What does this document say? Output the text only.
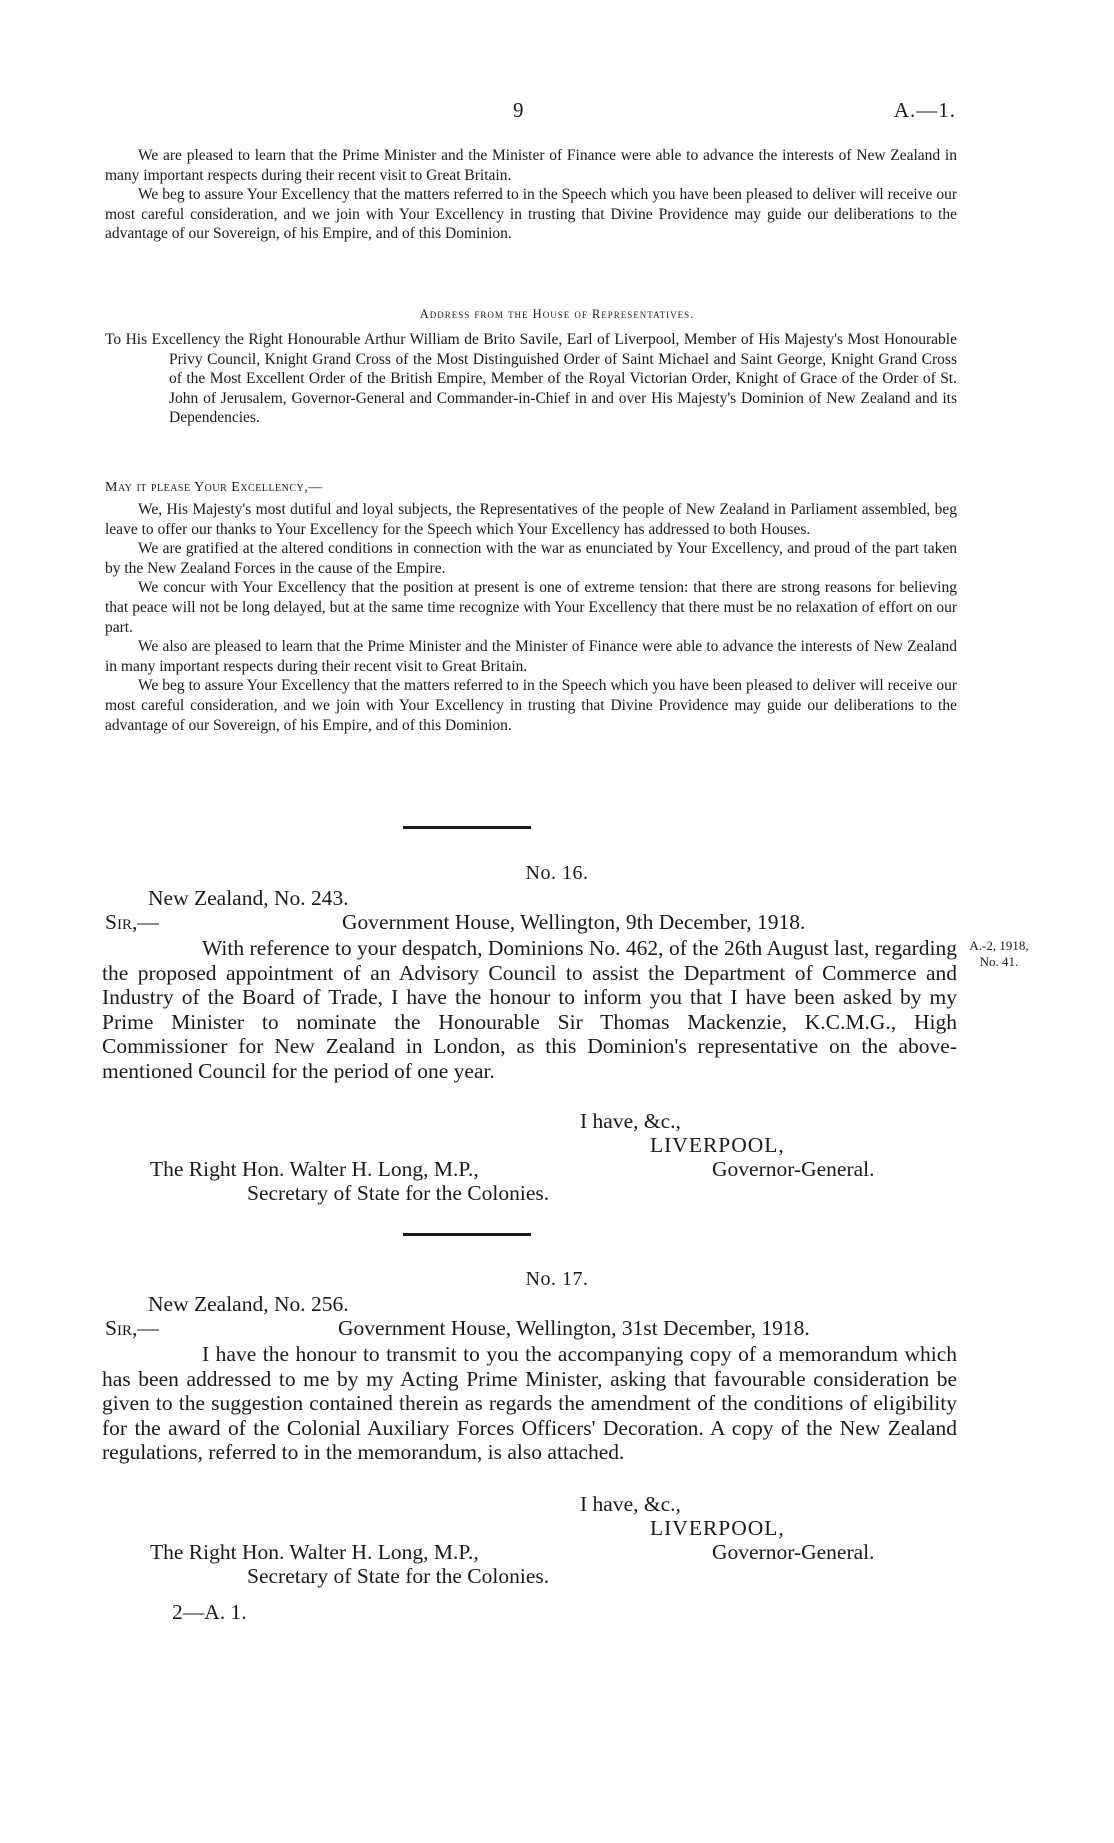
9	A.—1.

We are pleased to learn that the Prime Minister and the Minister of Finance were able to advance the interests of New Zealand in many important respects during their recent visit to Great Britain.

We beg to assure Your Excellency that the matters referred to in the Speech which you have been pleased to deliver will receive our most careful consideration, and we join with Your Excellency in trusting that Divine Providence may guide our deliberations to the advantage of our Sovereign, of his Empire, and of this Dominion.

Address from the House of Representatives.

To His Excellency the Right Honourable Arthur William de Brito Savile, Earl of Liverpool, Member of His Majesty's Most Honourable Privy Council, Knight Grand Cross of the Most Distinguished Order of Saint Michael and Saint George, Knight Grand Cross of the Most Excellent Order of the British Empire, Member of the Royal Victorian Order, Knight of Grace of the Order of St. John of Jerusalem, Governor-General and Commander-in-Chief in and over His Majesty's Dominion of New Zealand and its Dependencies.

May it please Your Excellency,—

We, His Majesty's most dutiful and loyal subjects, the Representatives of the people of New Zealand in Parliament assembled, beg leave to offer our thanks to Your Excellency for the Speech which Your Excellency has addressed to both Houses.

We are gratified at the altered conditions in connection with the war as enunciated by Your Excellency, and proud of the part taken by the New Zealand Forces in the cause of the Empire.

We concur with Your Excellency that the position at present is one of extreme tension: that there are strong reasons for believing that peace will not be long delayed, but at the same time recognize with Your Excellency that there must be no relaxation of effort on our part.

We also are pleased to learn that the Prime Minister and the Minister of Finance were able to advance the interests of New Zealand in many important respects during their recent visit to Great Britain.

We beg to assure Your Excellency that the matters referred to in the Speech which you have been pleased to deliver will receive our most careful consideration, and we join with Your Excellency in trusting that Divine Providence may guide our deliberations to the advantage of our Sovereign, of his Empire, and of this Dominion.

No. 16.
New Zealand, No. 243.
Sir,—	Government House, Wellington, 9th December, 1918.

With reference to your despatch, Dominions No. 462, of the 26th August last, regarding the proposed appointment of an Advisory Council to assist the Department of Commerce and Industry of the Board of Trade, I have the honour to inform you that I have been asked by my Prime Minister to nominate the Honourable Sir Thomas Mackenzie, K.C.M.G., High Commissioner for New Zealand in London, as this Dominion's representative on the above-mentioned Council for the period of one year.

A.-2, 1918,
No. 41.
I have, &c.,
LIVERPOOL,
The Right Hon. Walter H. Long, M.P.,	Governor-General.
Secretary of State for the Colonies.
No. 17.
New Zealand, No. 256.
Sir,—	Government House, Wellington, 31st December, 1918.

I have the honour to transmit to you the accompanying copy of a memorandum which has been addressed to me by my Acting Prime Minister, asking that favourable consideration be given to the suggestion contained therein as regards the amendment of the conditions of eligibility for the award of the Colonial Auxiliary Forces Officers' Decoration. A copy of the New Zealand regulations, referred to in the memorandum, is also attached.

I have, &c.,
LIVERPOOL,
The Right Hon. Walter H. Long, M.P.,	Governor-General.
Secretary of State for the Colonies.
2—A. 1.
